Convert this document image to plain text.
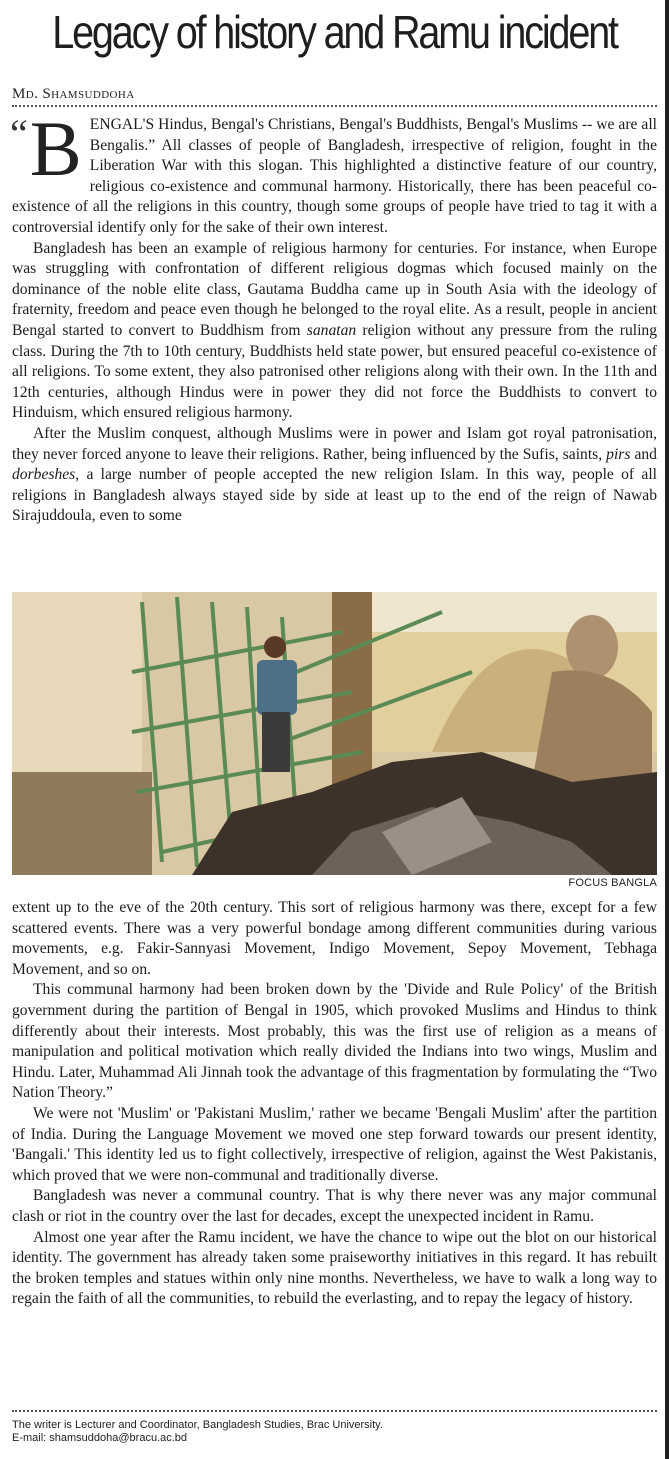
Legacy of history and Ramu incident
Md. Shamsuddoha

“ B ENGAL'S Hindus, Bengal's Christians, Bengal's Buddhists, Bengal's Muslims -- we are all Bengalis.” All classes of people of Bangladesh, irrespective of religion, fought in the Liberation War with this slogan. This highlighted a distinctive feature of our country, religious co-existence and communal harmony. Historically, there has been peaceful co-existence of all the religions in this country, though some groups of people have tried to tag it with a controversial identify only for the sake of their own interest.

Bangladesh has been an example of religious harmony for centuries. For instance, when Europe was struggling with confrontation of different religious dogmas which focused mainly on the dominance of the noble elite class, Gautama Buddha came up in South Asia with the ideology of fraternity, freedom and peace even though he belonged to the royal elite. As a result, people in ancient Bengal started to convert to Buddhism from sanatan religion without any pressure from the ruling class. During the 7th to 10th century, Buddhists held state power, but ensured peaceful co-existence of all religions. To some extent, they also patronised other religions along with their own. In the 11th and 12th centuries, although Hindus were in power they did not force the Buddhists to convert to Hinduism, which ensured religious harmony.

After the Muslim conquest, although Muslims were in power and Islam got royal patronisation, they never forced anyone to leave their religions. Rather, being influenced by the Sufis, saints, pirs and dorbeshes, a large number of people accepted the new religion Islam. In this way, people of all religions in Bangladesh always stayed side by side at least up to the end of the reign of Nawab Sirajuddoula, even to some

FOCUS BANGLA

extent up to the eve of the 20th century. This sort of religious harmony was there, except for a few scattered events. There was a very powerful bondage among different communities during various movements, e.g. Fakir-Sannyasi Movement, Indigo Movement, Sepoy Movement, Tebhaga Movement, and so on.

This communal harmony had been broken down by the 'Divide and Rule Policy' of the British government during the partition of Bengal in 1905, which provoked Muslims and Hindus to think differently about their interests. Most probably, this was the first use of religion as a means of manipulation and political motivation which really divided the Indians into two wings, Muslim and Hindu. Later, Muhammad Ali Jinnah took the advantage of this fragmentation by formulating the “Two Nation Theory.”

We were not 'Muslim' or 'Pakistani Muslim,' rather we became 'Bengali Muslim' after the partition of India. During the Language Movement we moved one step forward towards our present identity, 'Bangali.' This identity led us to fight collectively, irrespective of religion, against the West Pakistanis, which proved that we were non-communal and traditionally diverse.

Bangladesh was never a communal country. That is why there never was any major communal clash or riot in the country over the last for decades, except the unexpected incident in Ramu.

Almost one year after the Ramu incident, we have the chance to wipe out the blot on our historical identity. The government has already taken some praiseworthy initiatives in this regard. It has rebuilt the broken temples and statues within only nine months. Nevertheless, we have to walk a long way to regain the faith of all the communities, to rebuild the everlasting, and to repay the legacy of history.

The writer is Lecturer and Coordinator, Bangladesh Studies, Brac University.
E-mail: shamsuddoha@bracu.ac.bd
